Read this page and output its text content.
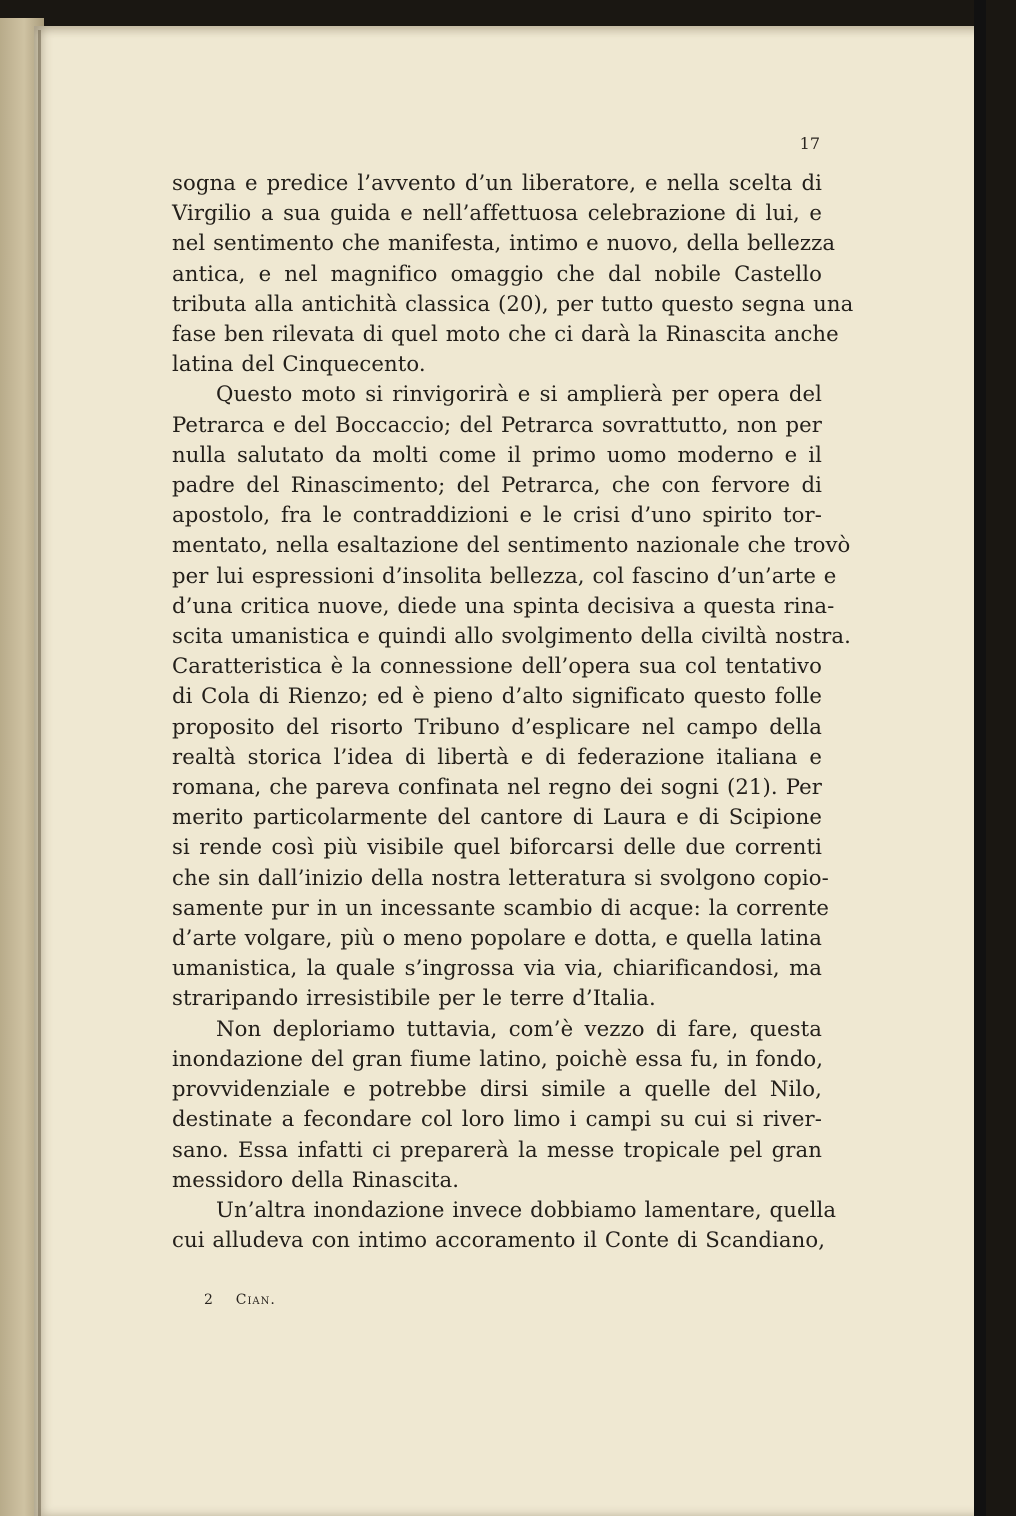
17

sogna e predice l’avvento d’un liberatore, e nella scelta di
Virgilio a sua guida e nell’affettuosa celebrazione di lui, e
nel sentimento che manifesta, intimo e nuovo, della bellezza
antica, e nel magnifico omaggio che dal nobile Castello
tributa alla antichità classica (20), per tutto questo segna una
fase ben rilevata di quel moto che ci darà la Rinascita anche
latina del Cinquecento.

Questo moto si rinvigorirà e si amplierà per opera del
Petrarca e del Boccaccio; del Petrarca sovrattutto, non per
nulla salutato da molti come il primo uomo moderno e il
padre del Rinascimento; del Petrarca, che con fervore di
apostolo, fra le contraddizioni e le crisi d’uno spirito tor-
mentato, nella esaltazione del sentimento nazionale che trovò
per lui espressioni d’insolita bellezza, col fascino d’un’arte e
d’una critica nuove, diede una spinta decisiva a questa rina-
scita umanistica e quindi allo svolgimento della civiltà nostra.
Caratteristica è la connessione dell’opera sua col tentativo
di Cola di Rienzo; ed è pieno d’alto significato questo folle
proposito del risorto Tribuno d’esplicare nel campo della
realtà storica l’idea di libertà e di federazione italiana e
romana, che pareva confinata nel regno dei sogni (21). Per
merito particolarmente del cantore di Laura e di Scipione
si rende così più visibile quel biforcarsi delle due correnti
che sin dall’inizio della nostra letteratura si svolgono copio-
samente pur in un incessante scambio di acque: la corrente
d’arte volgare, più o meno popolare e dotta, e quella latina
umanistica, la quale s’ingrossa via via, chiarificandosi, ma
straripando irresistibile per le terre d’Italia.

Non deploriamo tuttavia, com’è vezzo di fare, questa
inondazione del gran fiume latino, poichè essa fu, in fondo,
provvidenziale e potrebbe dirsi simile a quelle del Nilo,
destinate a fecondare col loro limo i campi su cui si river-
sano. Essa infatti ci preparerà la messe tropicale pel gran
messidoro della Rinascita.

Un’altra inondazione invece dobbiamo lamentare, quella
cui alludeva con intimo accoramento il Conte di Scandiano,

2 Cian.
